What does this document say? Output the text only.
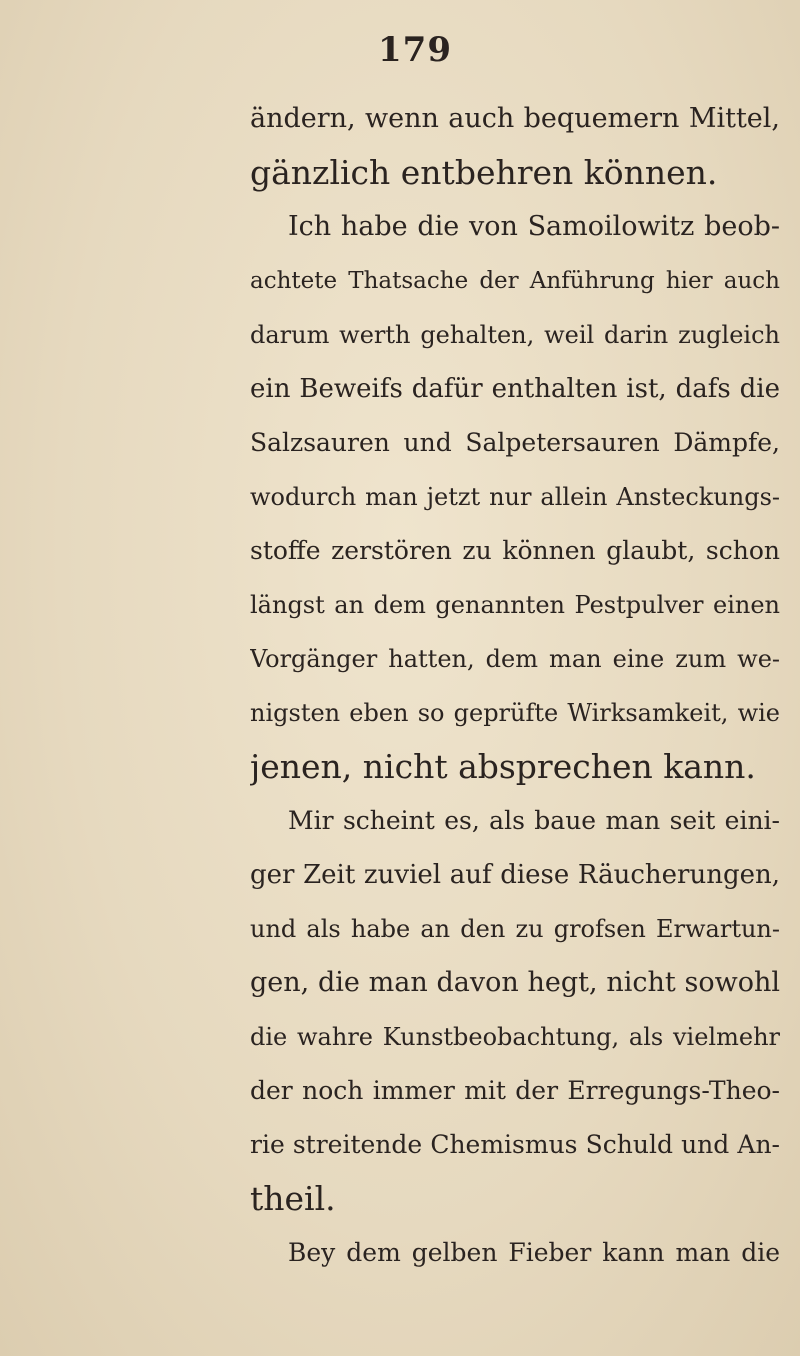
179
ändern, wenn auch bequemern Mittel,
gänzlich entbehren können.
Ich habe die von Samoilowitz beob-
achtete Thatsache der Anführung hier auch
darum werth gehalten, weil darin zugleich
ein Beweifs dafür enthalten ist, dafs die
Salzsauren und Salpetersauren Dämpfe,
wodurch man jetzt nur allein Ansteckungs-
stoffe zerstören zu können glaubt, schon
längst an dem genannten Pestpulver einen
Vorgänger hatten, dem man eine zum we-
nigsten eben so geprüfte Wirksamkeit, wie
jenen, nicht absprechen kann.
Mir scheint es, als baue man seit eini-
ger Zeit zuviel auf diese Räucherungen,
und als habe an den zu grofsen Erwartun-
gen, die man davon hegt, nicht sowohl
die wahre Kunstbeobachtung, als vielmehr
der noch immer mit der Erregungs-Theo-
rie streitende Chemismus Schuld und An-
theil.
Bey dem gelben Fieber kann man die
